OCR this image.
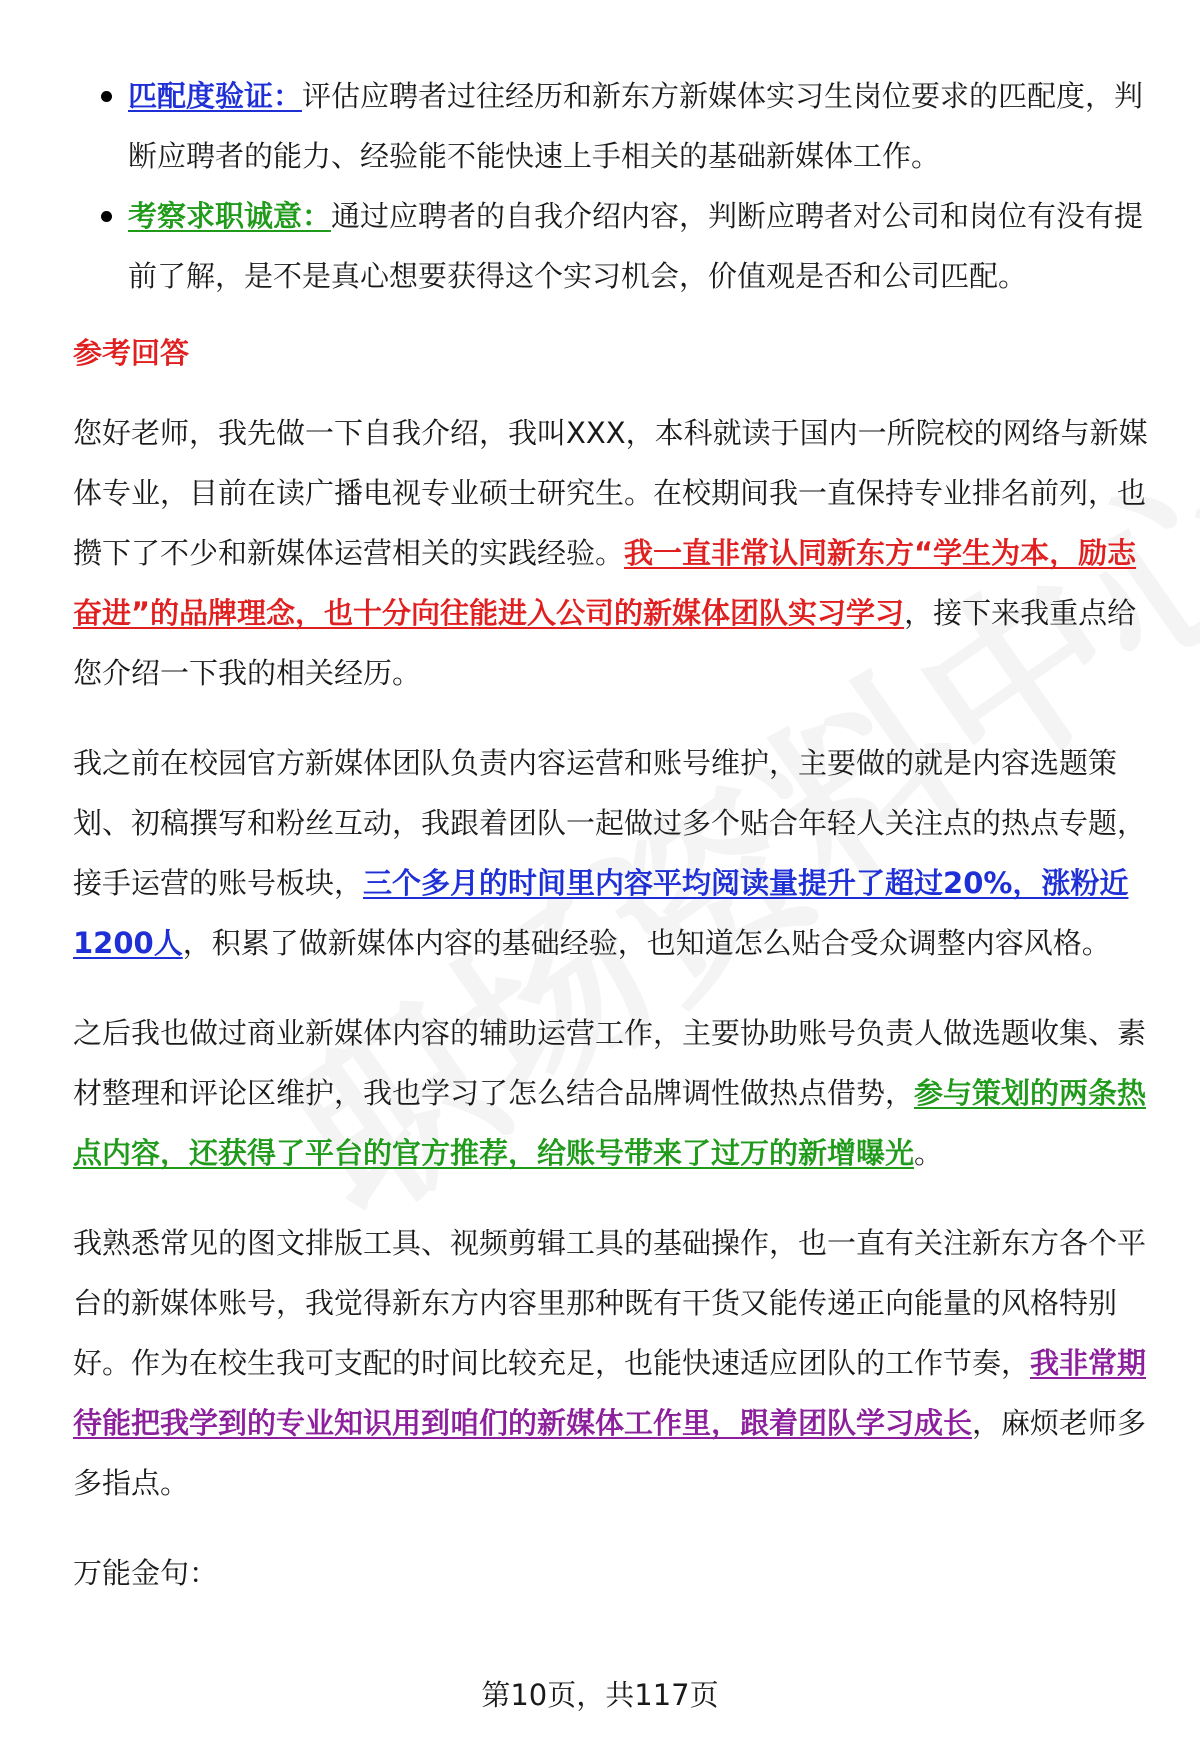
匹配度验证：评估应聘者过往经历和新东方新媒体实习生岗位要求的匹配度，判断应聘者的能力、经验能不能快速上手相关的基础新媒体工作。
考察求职诚意：通过应聘者的自我介绍内容，判断应聘者对公司和岗位有没有提前了解，是不是真心想要获得这个实习机会，价值观是否和公司匹配。
参考回答

您好老师，我先做一下自我介绍，我叫XXX，本科就读于国内一所院校的网络与新媒体专业，目前在读广播电视专业硕士研究生。在校期间我一直保持专业排名前列，也攒下了不少和新媒体运营相关的实践经验。我一直非常认同新东方“学生为本，励志奋进”的品牌理念，也十分向往能进入公司的新媒体团队实习学习，接下来我重点给您介绍一下我的相关经历。

我之前在校园官方新媒体团队负责内容运营和账号维护，主要做的就是内容选题策划、初稿撰写和粉丝互动，我跟着团队一起做过多个贴合年轻人关注点的热点专题，接手运营的账号板块，三个多月的时间里内容平均阅读量提升了超过20%，涨粉近1200人，积累了做新媒体内容的基础经验，也知道怎么贴合受众调整内容风格。

之后我也做过商业新媒体内容的辅助运营工作，主要协助账号负责人做选题收集、素材整理和评论区维护，我也学习了怎么结合品牌调性做热点借势，参与策划的两条热点内容，还获得了平台的官方推荐，给账号带来了过万的新增曝光。

我熟悉常见的图文排版工具、视频剪辑工具的基础操作，也一直有关注新东方各个平台的新媒体账号，我觉得新东方内容里那种既有干货又能传递正向能量的风格特别好。作为在校生我可支配的时间比较充足，也能快速适应团队的工作节奏，我非常期待能把我学到的专业知识用到咱们的新媒体工作里，跟着团队学习成长，麻烦老师多多指点。

万能金句：

第10页，共117页
